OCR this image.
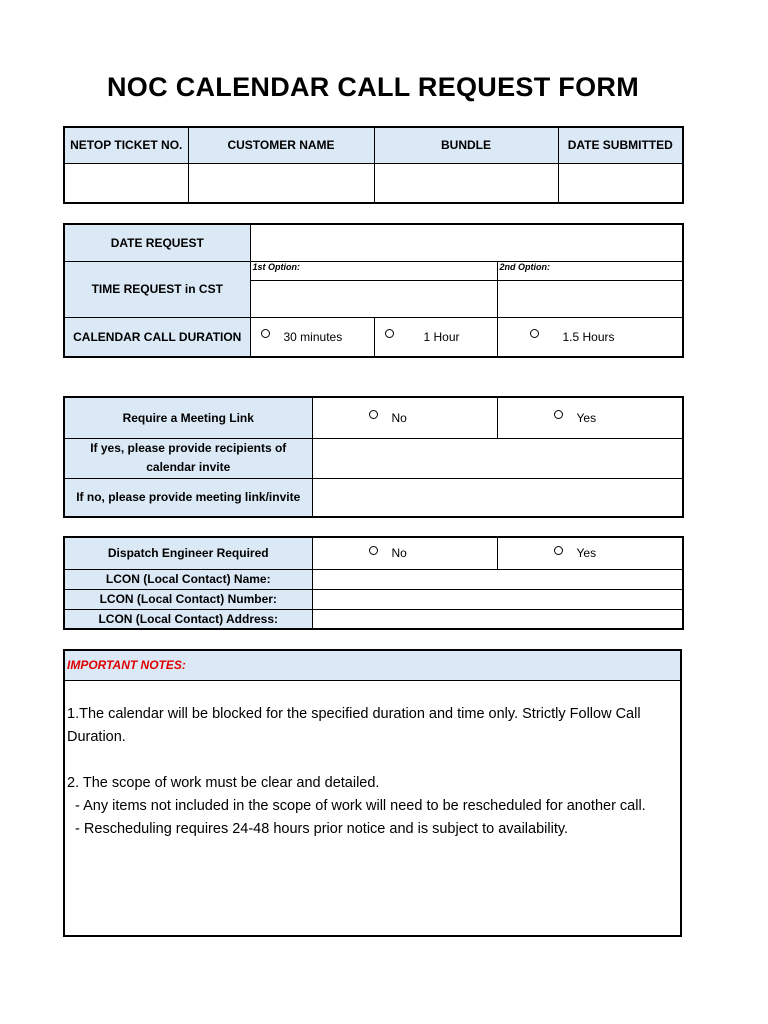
NOC CALENDAR CALL REQUEST FORM
NETOP TICKET NO.	CUSTOMER NAME	BUNDLE	DATE SUBMITTED

DATE REQUEST			
TIME REQUEST in CST	1st Option:		2nd Option:

CALENDAR CALL DURATION	30 minutes	1 Hour	1.5 Hours
Require a Meeting Link	No	Yes

If yes, please provide recipients of calendar invite		
If no, please provide meeting link/invite		
Dispatch Engineer Required	No	Yes

LCON (Local Contact) Name:		
LCON (Local Contact) Number:		
LCON (Local Contact) Address:		
IMPORTANT NOTES:

1.The calendar will be blocked for the specified duration and time only. Strictly Follow Call Duration.

2. The scope of work must be clear and detailed.

- Any items not included in the scope of work will need to be rescheduled for another call.

- Rescheduling requires 24-48 hours prior notice and is subject to availability.
